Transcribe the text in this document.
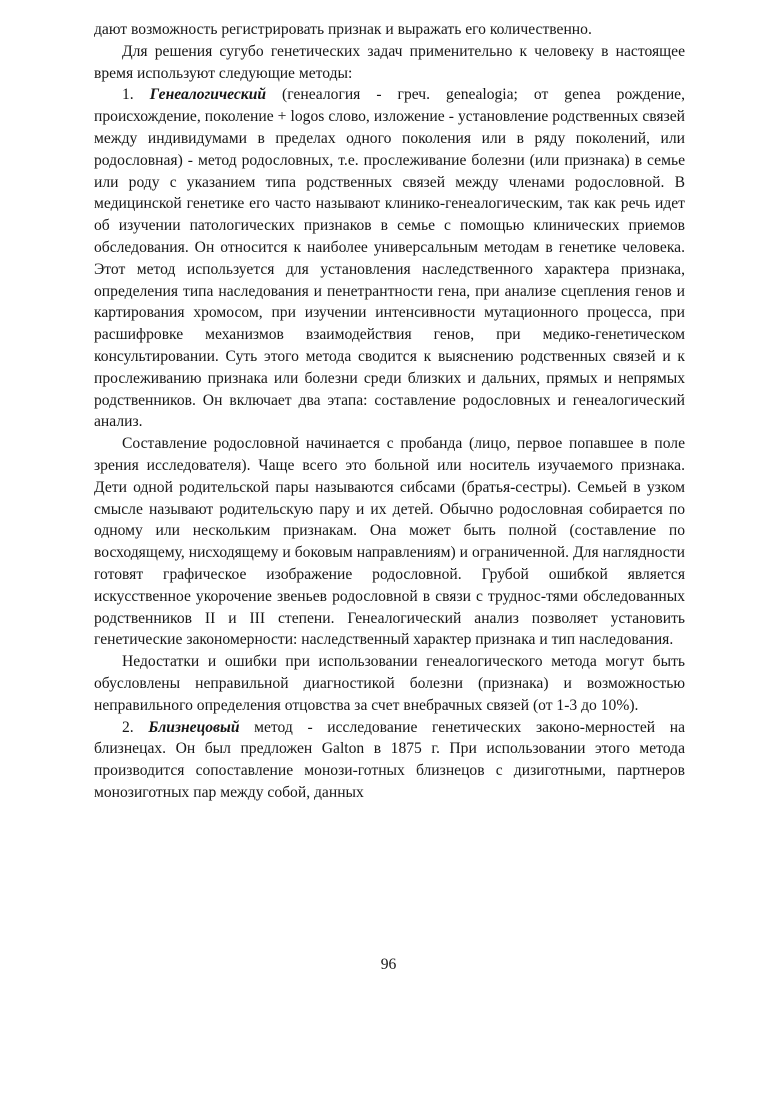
дают возможность регистрировать признак и выражать его количественно.

Для решения сугубо генетических задач применительно к человеку в настоящее время используют следующие методы:

1. Генеалогический (генеалогия - греч. genealogia; от genea рождение, происхождение, поколение + logos слово, изложение - установление родственных связей между индивидумами в пределах одного поколения или в ряду поколений, или родословная) - метод родословных, т.е. прослеживание болезни (или признака) в семье или роду с указанием типа родственных связей между членами родословной. В медицинской генетике его часто называют клинико-генеалогическим, так как речь идет об изучении патологических признаков в семье с помощью клинических приемов обследования. Он относится к наиболее универсальным методам в генетике человека. Этот метод используется для установления наследственного характера признака, определения типа наследования и пенетрантности гена, при анализе сцепления генов и картирования хромосом, при изучении интенсивности мутационного процесса, при расшифровке механизмов взаимодействия генов, при медико-генетическом консультировании. Суть этого метода сводится к выяснению родственных связей и к прослеживанию признака или болезни среди близких и дальних, прямых и непрямых родственников. Он включает два этапа: составление родословных и генеалогический анализ.

Составление родословной начинается с пробанда (лицо, первое попавшее в поле зрения исследователя). Чаще всего это больной или носитель изучаемого признака. Дети одной родительской пары называются сибсами (братья-сестры). Семьей в узком смысле называют родительскую пару и их детей. Обычно родословная собирается по одному или нескольким признакам. Она может быть полной (составление по восходящему, нисходящему и боковым направлениям) и ограниченной. Для наглядности готовят графическое изображение родословной. Грубой ошибкой является искусственное укорочение звеньев родословной в связи с труднос-тями обследованных родственников II и III степени. Генеалогический анализ позволяет установить генетические закономерности: наследственный характер признака и тип наследования.

Недостатки и ошибки при использовании генеалогического метода могут быть обусловлены неправильной диагностикой болезни (признака) и возможностью неправильного определения отцовства за счет внебрачных связей (от 1-3 до 10%).

2. Близнецовый метод - исследование генетических законо-мерностей на близнецах. Он был предложен Galton в 1875 г. При использовании этого метода производится сопоставление монози-готных близнецов с дизиготными, партнеров монозиготных пар между собой, данных

96
